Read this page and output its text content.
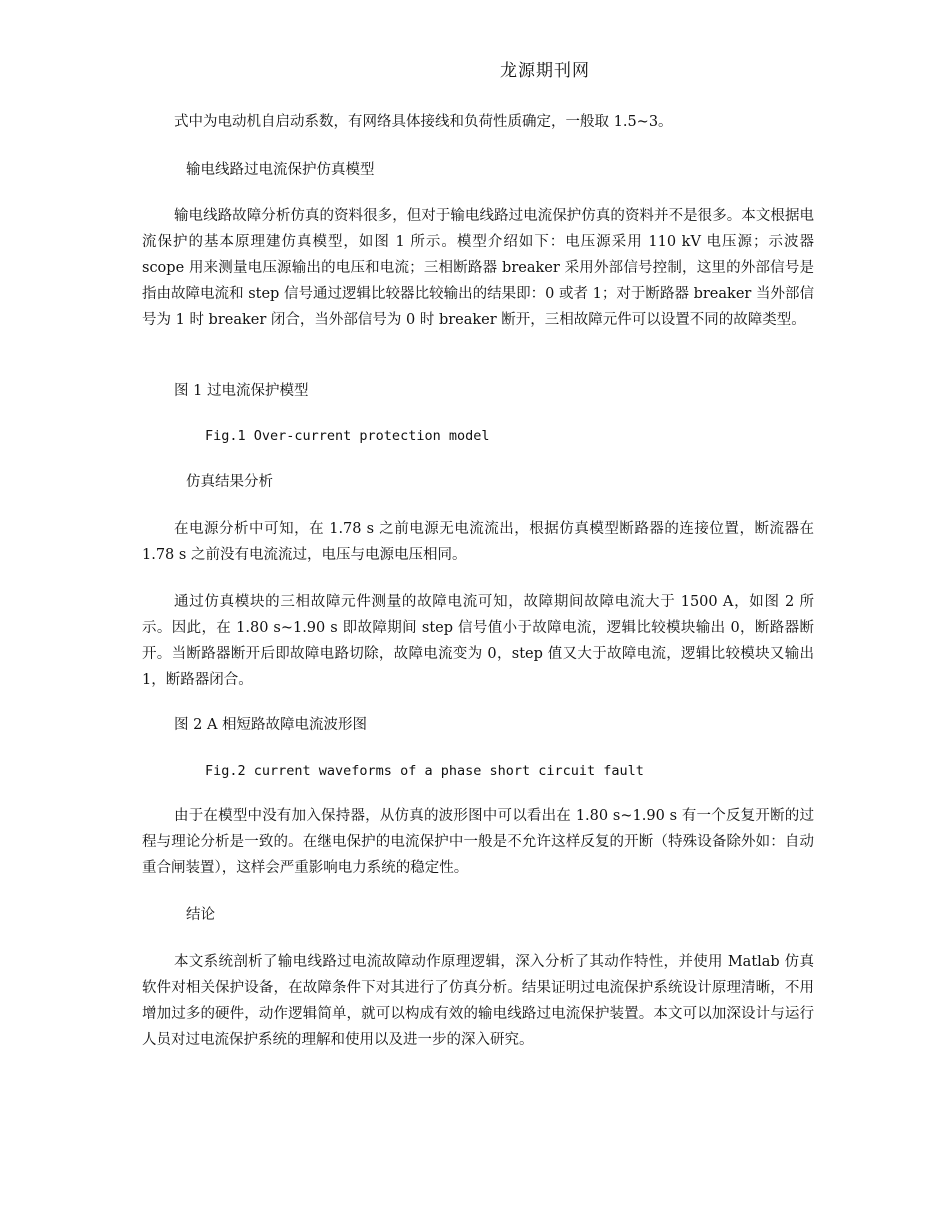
龙源期刊网

式中为电动机自启动系数，有网络具体接线和负荷性质确定，一般取 1.5~3。

输电线路过电流保护仿真模型

输电线路故障分析仿真的资料很多，但对于输电线路过电流保护仿真的资料并不是很多。本文根据电流保护的基本原理建仿真模型，如图 1 所示。模型介绍如下：电压源采用 110 kV 电压源；示波器 scope 用来测量电压源输出的电压和电流；三相断路器 breaker 采用外部信号控制，这里的外部信号是指由故障电流和 step 信号通过逻辑比较器比较输出的结果即：0 或者 1；对于断路器 breaker 当外部信号为 1 时 breaker 闭合，当外部信号为 0 时 breaker 断开，三相故障元件可以设置不同的故障类型。

图 1 过电流保护模型

Fig.1 Over-current protection model

仿真结果分析

在电源分析中可知，在 1.78 s 之前电源无电流流出，根据仿真模型断路器的连接位置，断流器在 1.78 s 之前没有电流流过，电压与电源电压相同。

通过仿真模块的三相故障元件测量的故障电流可知，故障期间故障电流大于 1500 A，如图 2 所示。因此，在 1.80 s~1.90 s 即故障期间 step 信号值小于故障电流，逻辑比较模块输出 0，断路器断开。当断路器断开后即故障电路切除，故障电流变为 0，step 值又大于故障电流，逻辑比较模块又输出 1，断路器闭合。

图 2 A 相短路故障电流波形图

Fig.2 current waveforms of a phase short circuit fault

由于在模型中没有加入保持器，从仿真的波形图中可以看出在 1.80 s~1.90 s 有一个反复开断的过程与理论分析是一致的。在继电保护的电流保护中一般是不允许这样反复的开断（特殊设备除外如：自动重合闸装置），这样会严重影响电力系统的稳定性。

结论

本文系统剖析了输电线路过电流故障动作原理逻辑，深入分析了其动作特性，并使用 Matlab 仿真软件对相关保护设备，在故障条件下对其进行了仿真分析。结果证明过电流保护系统设计原理清晰，不用增加过多的硬件，动作逻辑简单，就可以构成有效的输电线路过电流保护装置。本文可以加深设计与运行人员对过电流保护系统的理解和使用以及进一步的深入研究。
